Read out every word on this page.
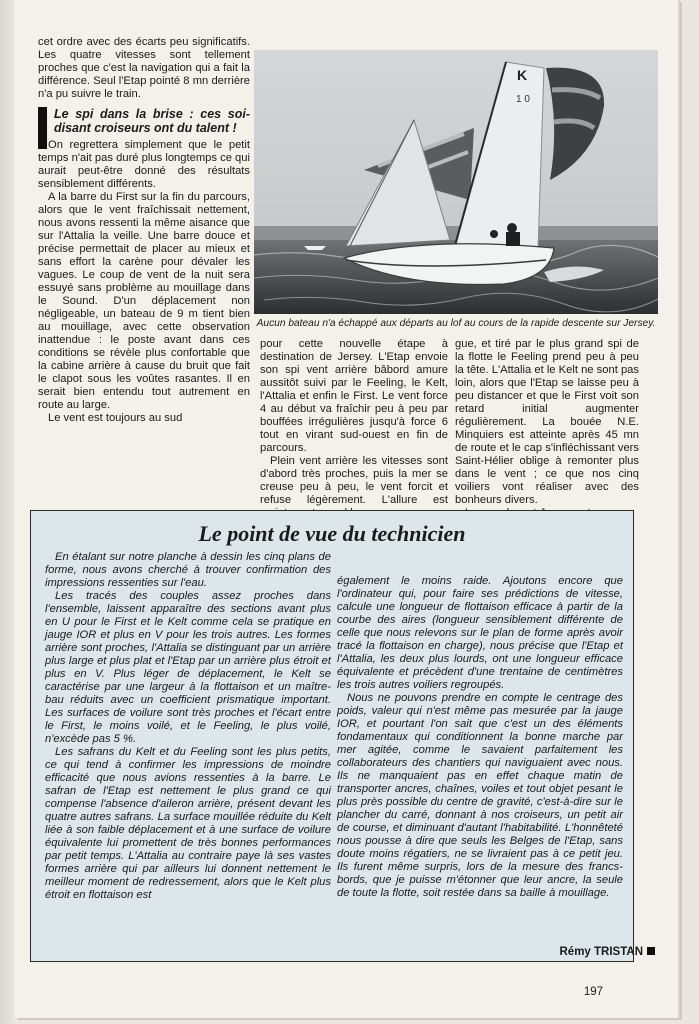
cet ordre avec des écarts peu significatifs. Les quatre vitesses sont tellement proches que c'est la navigation qui a fait la différence. Seul l'Etap pointé 8 mn derrière n'a pu suivre le train.

Le spi dans la brise : ces soi-disant croiseurs ont du talent !

On regrettera simplement que le petit temps n'ait pas duré plus longtemps ce qui aurait peut-être donné des résultats sensiblement différents.

A la barre du First sur la fin du parcours, alors que le vent fraîchissait nettement, nous avons ressenti la même aisance que sur l'Attalia la veille. Une barre douce et précise permettait de placer au mieux et sans effort la carène pour dévaler les vagues. Le coup de vent de la nuit sera essuyé sans problème au mouillage dans le Sound. D'un déplacement non négligeable, un bateau de 9 m tient bien au mouillage, avec cette observation inattendue : le poste avant dans ces conditions se révèle plus confortable que la cabine arrière à cause du bruit que fait le clapot sous les voûtes rasantes. Il en serait bien entendu tout autrement en route au large.

Le vent est toujours au sud

K
1 0
Aucun bateau n'a échappé aux départs au lof au cours de la rapide descente sur Jersey.

pour cette nouvelle étape à destination de Jersey. L'Etap envoie son spi vent arrière bâbord amure aussitôt suivi par le Feeling, le Kelt, l'Attalia et enfin le First. Le vent force 4 au début va fraîchir peu à peu par bouffées irrégulières jusqu'à force 6 tout en virant sud-ouest en fin de parcours.

Plein vent arrière les vitesses sont d'abord très proches, puis la mer se creuse peu à peu, le vent forcit et refuse légèrement. L'allure est

gue, et tiré par le plus grand spi de la flotte le Feeling prend peu à peu la tête. L'Attalia et le Kelt ne sont pas loin, alors que l'Etap se laisse peu à peu distancer et que le First voit son retard initial augmenter régulièrement. La bouée N.E. Minquiers est atteinte après 45 mn de route et le cap s'infléchissant vers Saint-Hélier oblige à remonter plus dans le vent ; ce que nos cinq voiliers vont réaliser avec des bonheurs divers.

Le point de vue du technicien

En étalant sur notre planche à dessin les cinq plans de forme, nous avons cherché à trouver confirmation des impressions ressenties sur l'eau.

Les tracés des couples assez proches dans l'ensemble, laissent apparaître des sections avant plus en U pour le First et le Kelt comme cela se pratique en jauge IOR et plus en V pour les trois autres. Les formes arrière sont proches, l'Attalia se distinguant par un arrière plus large et plus plat et l'Etap par un arrière plus étroit et plus en V. Plus léger de déplacement, le Kelt se caractérise par une largeur à la flottaison et un maître-bau réduits avec un coefficient prismatique important. Les surfaces de voilure sont très proches et l'écart entre le First, le moins voilé, et le Feeling, le plus voilé, n'excède pas 5 %.

Les safrans du Kelt et du Feeling sont les plus petits, ce qui tend à confirmer les impressions de moindre efficacité que nous avions ressenties à la barre. Le safran de l'Etap est nettement le plus grand ce qui compense l'absence d'aileron arrière, présent devant les quatre autres safrans. La surface mouillée réduite du Kelt liée à son faible déplacement et à une surface de voilure équivalente lui promettent de très bonnes performances par petit temps. L'Attalia au contraire paye là ses vastes formes arrière qui par ailleurs lui donnent nettement le meilleur moment de redressement, alors que le Kelt plus étroit en flottaison est

également le moins raide. Ajoutons encore que l'ordinateur qui, pour faire ses prédictions de vitesse, calcule une longueur de flottaison efficace à partir de la courbe des aires (longueur sensiblement différente de celle que nous relevons sur le plan de forme après avoir tracé la flottaison en charge), nous précise que l'Etap et l'Attalia, les deux plus lourds, ont une longueur efficace équivalente et précèdent d'une trentaine de centimètres les trois autres voiliers regroupés.

Nous ne pouvons prendre en compte le centrage des poids, valeur qui n'est même pas mesurée par la jauge IOR, et pourtant l'on sait que c'est un des éléments fondamentaux qui conditionnent la bonne marche par mer agitée, comme le savaient parfaitement les collaborateurs des chantiers qui naviguaient avec nous. Ils ne manquaient pas en effet chaque matin de transporter ancres, chaînes, voiles et tout objet pesant le plus près possible du centre de gravité, c'est-à-dire sur le plancher du carré, donnant à nos croiseurs, un petit air de course, et diminuant d'autant l'habitabilité. L'honnêteté nous pousse à dire que seuls les Belges de l'Etap, sans doute moins régatiers, ne se livraient pas à ce petit jeu. Ils furent même surpris, lors de la mesure des francs-bords, que je puisse m'étonner que leur ancre, la seule de toute la flotte, soit restée dans sa baille à mouillage.

Rémy TRISTAN
197
